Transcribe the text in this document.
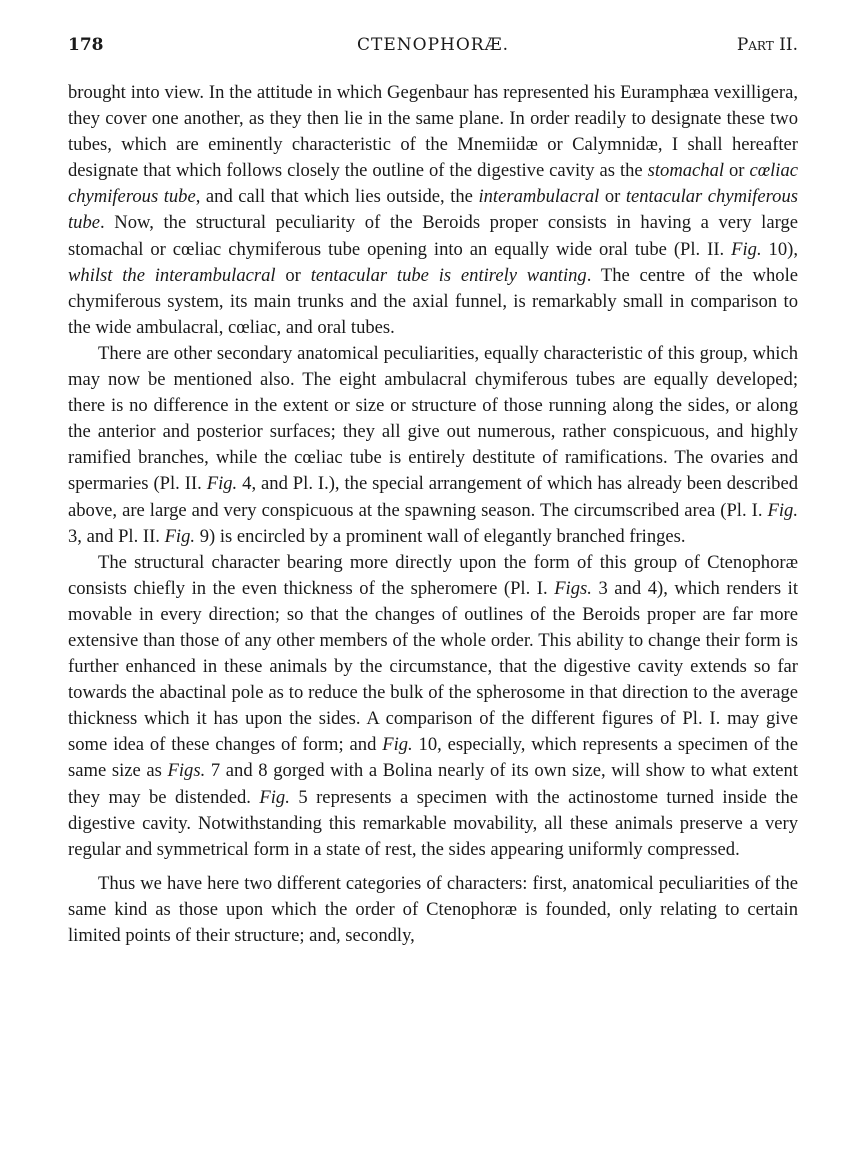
178	CTENOPHORÆ.	Part II.

brought into view. In the attitude in which Gegenbaur has represented his Euramphæa vexilligera, they cover one another, as they then lie in the same plane. In order readily to designate these two tubes, which are eminently characteristic of the Mnemiidæ or Calymnidæ, I shall hereafter designate that which follows closely the outline of the digestive cavity as the stomachal or cœliac chymiferous tube, and call that which lies outside, the interambulacral or tentacular chymiferous tube. Now, the structural peculiarity of the Beroids proper consists in having a very large stomachal or cœliac chymiferous tube opening into an equally wide oral tube (Pl. II. Fig. 10), whilst the interambulacral or tentacular tube is entirely wanting. The centre of the whole chymiferous system, its main trunks and the axial funnel, is remarkably small in comparison to the wide ambulacral, cœliac, and oral tubes.

There are other secondary anatomical peculiarities, equally characteristic of this group, which may now be mentioned also. The eight ambulacral chymiferous tubes are equally developed; there is no difference in the extent or size or structure of those running along the sides, or along the anterior and posterior surfaces; they all give out numerous, rather conspicuous, and highly ramified branches, while the cœliac tube is entirely destitute of ramifications. The ovaries and spermaries (Pl. II. Fig. 4, and Pl. I.), the special arrangement of which has already been described above, are large and very conspicuous at the spawning season. The circumscribed area (Pl. I. Fig. 3, and Pl. II. Fig. 9) is encircled by a prominent wall of elegantly branched fringes.

The structural character bearing more directly upon the form of this group of Ctenophoræ consists chiefly in the even thickness of the spheromere (Pl. I. Figs. 3 and 4), which renders it movable in every direction; so that the changes of outlines of the Beroids proper are far more extensive than those of any other members of the whole order. This ability to change their form is further enhanced in these animals by the circumstance, that the digestive cavity extends so far towards the abactinal pole as to reduce the bulk of the spherosome in that direction to the average thickness which it has upon the sides. A comparison of the different figures of Pl. I. may give some idea of these changes of form; and Fig. 10, especially, which represents a specimen of the same size as Figs. 7 and 8 gorged with a Bolina nearly of its own size, will show to what extent they may be distended. Fig. 5 represents a specimen with the actinostome turned inside the digestive cavity. Notwithstanding this remarkable movability, all these animals preserve a very regular and symmetrical form in a state of rest, the sides appearing uniformly compressed.

Thus we have here two different categories of characters: first, anatomical peculiarities of the same kind as those upon which the order of Ctenophoræ is founded, only relating to certain limited points of their structure; and, secondly,
